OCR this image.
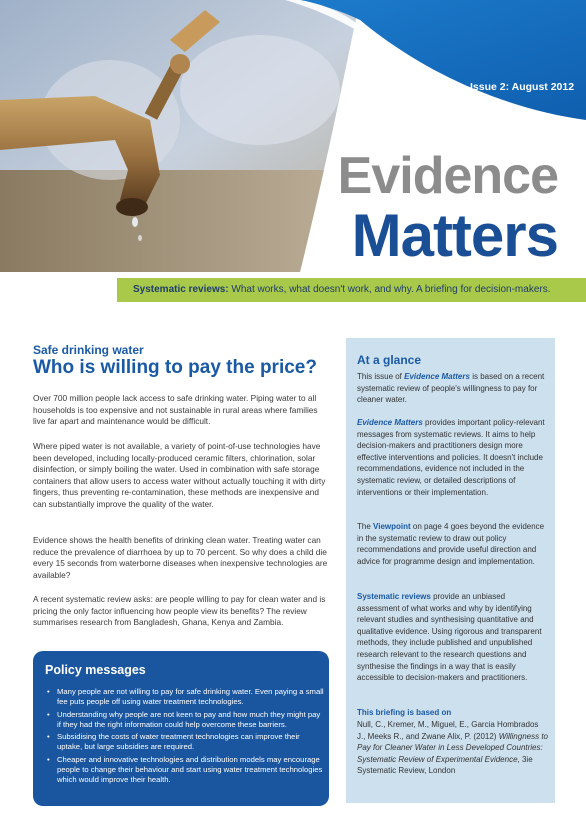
Issue 2: August 2012
Evidence
Matters
Systematic reviews: What works, what doesn't work, and why. A briefing for decision-makers.
Safe drinking water
Who is willing to pay the price?

Over 700 million people lack access to safe drinking water. Piping water to all households is too expensive and not sustainable in rural areas where families live far apart and maintenance would be difficult.

Where piped water is not available, a variety of point-of-use technologies have been developed, including locally-produced ceramic filters, chlorination, solar disinfection, or simply boiling the water. Used in combination with safe storage containers that allow users to access water without actually touching it with dirty fingers, thus preventing re-contamination, these methods are inexpensive and can substantially improve the quality of the water.

Evidence shows the health benefits of drinking clean water. Treating water can reduce the prevalence of diarrhoea by up to 70 percent. So why does a child die every 15 seconds from waterborne diseases when inexpensive technologies are available?

A recent systematic review asks: are people willing to pay for clean water and is pricing the only factor influencing how people view its benefits? The review summarises research from Bangladesh, Ghana, Kenya and Zambia.

Policy messages
• Many people are not willing to pay for safe drinking water. Even paying a small fee puts people off using water treatment technologies.
• Understanding why people are not keen to pay and how much they might pay if they had the right information could help overcome these barriers.
• Subsidising the costs of water treatment technologies can improve their uptake, but large subsidies are required.
• Cheaper and innovative technologies and distribution models may encourage people to change their behaviour and start using water treatment technologies which would improve their health.
At a glance

This issue of Evidence Matters is based on a recent systematic review of people's willingness to pay for cleaner water.

Evidence Matters provides important policy-relevant messages from systematic reviews. It aims to help decision-makers and practitioners design more effective interventions and policies. It doesn't include recommendations, evidence not included in the systematic review, or detailed descriptions of interventions or their implementation.

The Viewpoint on page 4 goes beyond the evidence in the systematic review to draw out policy recommendations and provide useful direction and advice for programme design and implementation.

Systematic reviews provide an unbiased assessment of what works and why by identifying relevant studies and synthesising quantitative and qualitative evidence. Using rigorous and transparent methods, they include published and unpublished research relevant to the research questions and synthesise the findings in a way that is easily accessible to decision-makers and practitioners.

This briefing is based on

Null, C., Kremer, M., Miguel, E., Garcia Hombrados J., Meeks R., and Zwane Alix, P. (2012) Willingness to Pay for Cleaner Water in Less Developed Countries: Systematic Review of Experimental Evidence, 3ie Systematic Review, London
